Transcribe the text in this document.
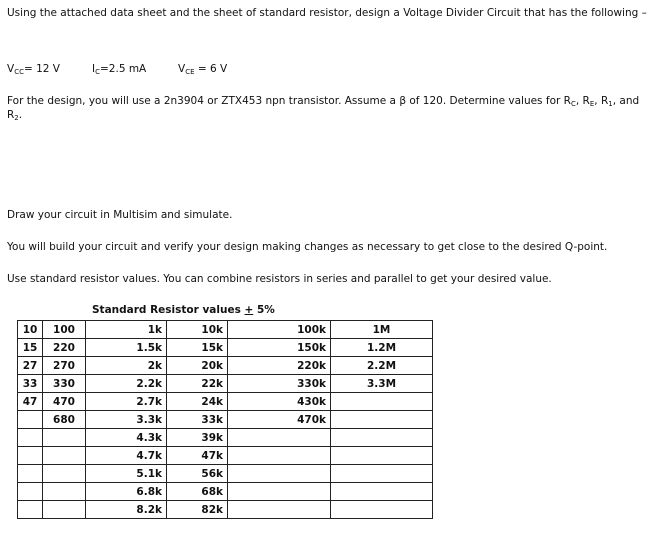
Using the attached data sheet and the sheet of standard resistor, design a Voltage Divider Circuit that has the following –
$V_{CC}= 12$ V	$I_C=2.5$ mA	$V_{CE} = 6$ V
For the design, you will use a 2n3904 or ZTX453 npn transistor. Assume a β of 120. Determine values for $R_C$, $R_E$, $R_1$, and $R_2$.
Draw your circuit in Multisim and simulate.
You will build your circuit and verify your design making changes as necessary to get close to the desired Q-point.
Use standard resistor values. You can combine resistors in series and parallel to get your desired value.
Standard Resistor values + 5%
10	100	1k	10k	100k	1M
15	220	1.5k	15k	150k	1.2M
27	270	2k	20k	220k	2.2M
33	330	2.2k	22k	330k	3.3M
47	470	2.7k	24k	430k	
	680	3.3k	33k	470k	
		4.3k	39k		
		4.7k	47k		
		5.1k	56k		
		6.8k	68k		
		8.2k	82k		
